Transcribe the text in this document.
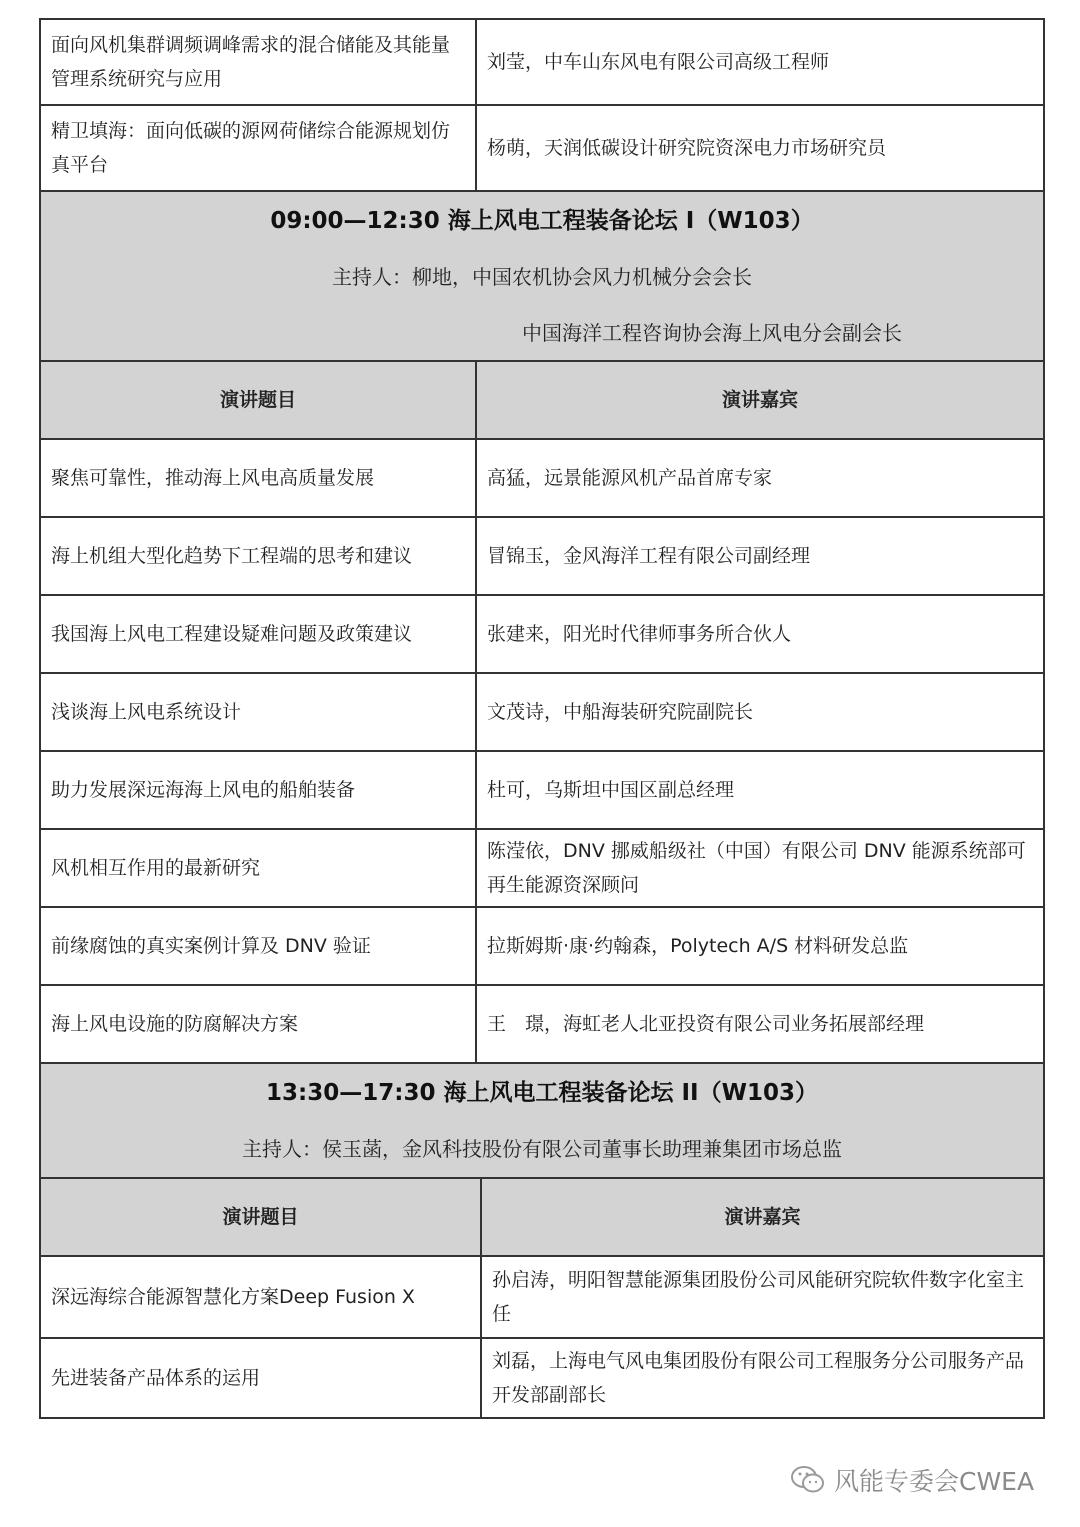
面向风机集群调频调峰需求的混合储能及其能量管理系统研究与应用	刘莹，中车山东风电有限公司高级工程师
精卫填海：面向低碳的源网荷储综合能源规划仿真平台	杨萌，天润低碳设计研究院资深电力市场研究员

09:00—12:30 海上风电工程装备论坛 I（W103）
主持人：柳地，中国农机协会风力机械分会会长
中国海洋工程咨询协会海上风电分会副会长	

演讲题目	演讲嘉宾
聚焦可靠性，推动海上风电高质量发展	高猛，远景能源风机产品首席专家
海上机组大型化趋势下工程端的思考和建议	冒锦玉，金风海洋工程有限公司副经理
我国海上风电工程建设疑难问题及政策建议	张建来，阳光时代律师事务所合伙人
浅谈海上风电系统设计	文茂诗，中船海装研究院副院长
助力发展深远海海上风电的船舶装备	杜可，乌斯坦中国区副总经理
风机相互作用的最新研究	陈滢依，DNV 挪威船级社（中国）有限公司 DNV 能源系统部可再生能源资深顾问
前缘腐蚀的真实案例计算及 DNV 验证	拉斯姆斯·康·约翰森，Polytech A/S 材料研发总监
海上风电设施的防腐解决方案	王　璟，海虹老人北亚投资有限公司业务拓展部经理

13:30—17:30 海上风电工程装备论坛 II（W103）
主持人：侯玉菡，金风科技股份有限公司董事长助理兼集团市场总监	
演讲题目	演讲嘉宾
深远海综合能源智慧化方案Deep Fusion X	孙启涛，明阳智慧能源集团股份公司风能研究院软件数字化室主任
先进装备产品体系的运用	刘磊，上海电气风电集团股份有限公司工程服务分公司服务产品开发部副部长
风能专委会CWEA
